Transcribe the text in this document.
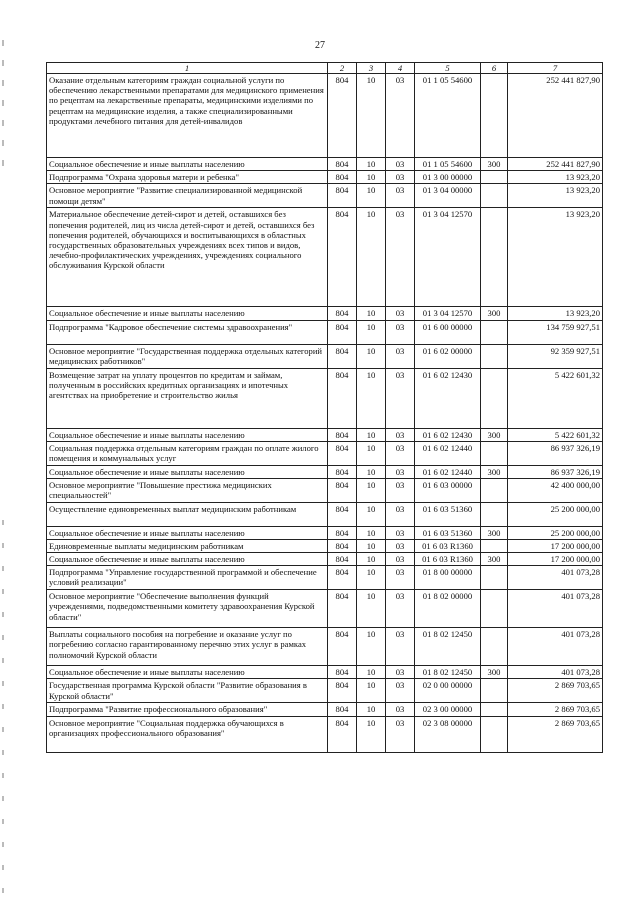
27
1	2	3	4	5	6	7
Оказание отдельным категориям граждан социальной услуги по обеспечению лекарственными препаратами для медицинского применения по рецептам на лекарственные препараты, медицинскими изделиями по рецептам на медицинские изделия, а также специализированными продуктами лечебного питания для детей-инвалидов	804	10	03	01 1 05 54600		252 441 827,90
Социальное обеспечение и иные выплаты населению	804	10	03	01 1 05 54600	300	252 441 827,90
Подпрограмма "Охрана здоровья матери и ребенка"	804	10	03	01 3 00 00000		13 923,20
Основное мероприятие "Развитие специализированной медицинской помощи детям"	804	10	03	01 3 04 00000		13 923,20
Материальное обеспечение детей-сирот и детей, оставшихся без попечения родителей, лиц из числа детей-сирот и детей, оставшихся без попечения родителей, обучающихся и воспитывающихся в областных государственных образовательных учреждениях всех типов и видов, лечебно-профилактических учреждениях, учреждениях социального обслуживания Курской области	804	10	03	01 3 04 12570		13 923,20
Социальное обеспечение и иные выплаты населению	804	10	03	01 3 04 12570	300	13 923,20
Подпрограмма "Кадровое обеспечение системы здравоохранения"	804	10	03	01 6 00 00000		134 759 927,51
Основное мероприятие "Государственная поддержка отдельных категорий медицинских работников"	804	10	03	01 6 02 00000		92 359 927,51
Возмещение затрат на уплату процентов по кредитам и займам, полученным в российских кредитных организациях и ипотечных агентствах на приобретение и строительство жилья	804	10	03	01 6 02 12430		5 422 601,32
Социальное обеспечение и иные выплаты населению	804	10	03	01 6 02 12430	300	5 422 601,32
Социальная поддержка отдельным категориям граждан по оплате жилого помещения и коммунальных услуг	804	10	03	01 6 02 12440		86 937 326,19
Социальное обеспечение и иные выплаты населению	804	10	03	01 6 02 12440	300	86 937 326,19
Основное мероприятие "Повышение престижа медицинских специальностей"	804	10	03	01 6 03 00000		42 400 000,00
Осуществление единовременных выплат медицинским работникам	804	10	03	01 6 03 51360		25 200 000,00
Социальное обеспечение и иные выплаты населению	804	10	03	01 6 03 51360	300	25 200 000,00
Единовременные выплаты медицинским работникам	804	10	03	01 6 03 R1360		17 200 000,00
Социальное обеспечение и иные выплаты населению	804	10	03	01 6 03 R1360	300	17 200 000,00
Подпрограмма "Управление государственной программой и обеспечение условий реализации"	804	10	03	01 8 00 00000		401 073,28
Основное мероприятие "Обеспечение выполнения функций учреждениями, подведомственными комитету здравоохранения Курской области"	804	10	03	01 8 02 00000		401 073,28
Выплаты социального пособия на погребение и оказание услуг по погребению согласно гарантированному перечню этих услуг в рамках полномочий Курской области	804	10	03	01 8 02 12450		401 073,28
Социальное обеспечение и иные выплаты населению	804	10	03	01 8 02 12450	300	401 073,28
Государственная программа Курской области "Развитие образования в Курской области"	804	10	03	02 0 00 00000		2 869 703,65
Подпрограмма "Развитие профессионального образования"	804	10	03	02 3 00 00000		2 869 703,65
Основное мероприятие "Социальная поддержка обучающихся в организациях профессионального образования"	804	10	03	02 3 08 00000		2 869 703,65
